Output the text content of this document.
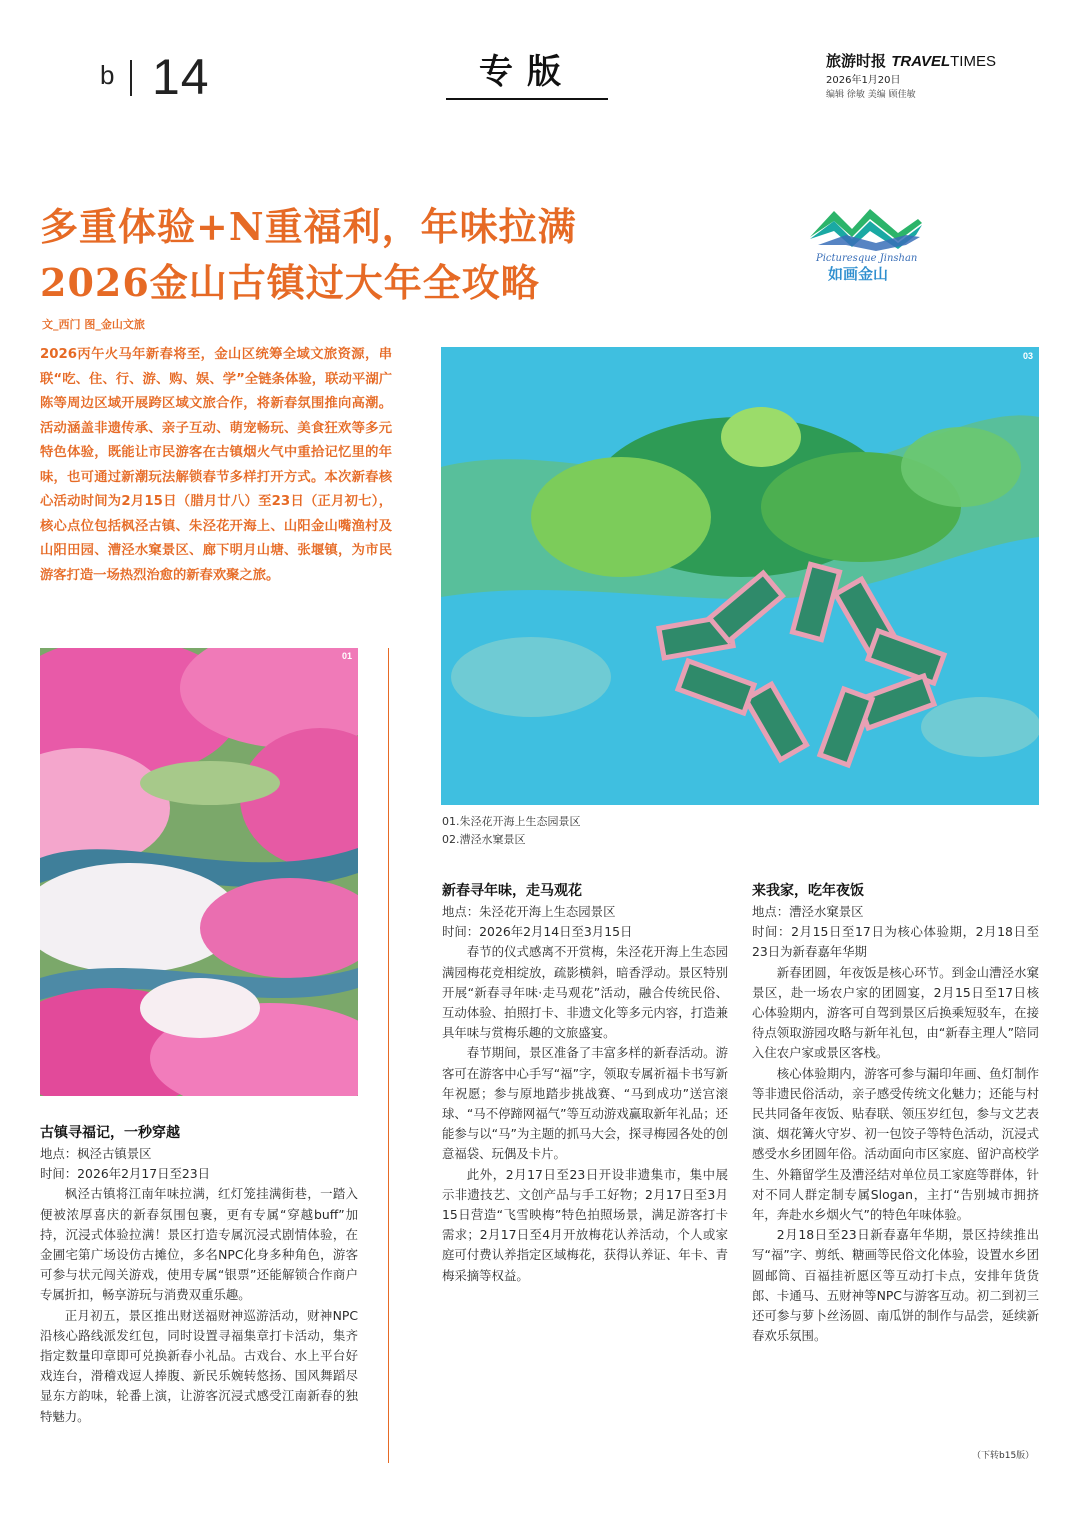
b 14	专版	旅游时报 TRAVELTIMES
2026年1月20日
编辑 徐敏 美编 顾佳敏
多重体验+N重福利，年味拉满
2026金山古镇过大年全攻略
文_西门 图_金山文旅
Picturesque Jinshan
如画金山
2026丙午火马年新春将至，金山区统筹全域文旅资源，串联“吃、住、行、游、购、娱、学”全链条体验，联动平湖广陈等周边区域开展跨区域文旅合作，将新春氛围推向高潮。活动涵盖非遗传承、亲子互动、萌宠畅玩、美食狂欢等多元特色体验，既能让市民游客在古镇烟火气中重拾记忆里的年味，也可通过新潮玩法解锁春节多样打开方式。本次新春核心活动时间为2月15日（腊月廿八）至23日（正月初七），核心点位包括枫泾古镇、朱泾花开海上、山阳金山嘴渔村及山阳田园、漕泾水窠景区、廊下明月山塘、张堰镇，为市民游客打造一场热烈治愈的新春欢聚之旅。
01
03
01.朱泾花开海上生态园景区
02.漕泾水窠景区
古镇寻福记，一秒穿越
地点：枫泾古镇景区
时间：2026年2月17日至23日

枫泾古镇将江南年味拉满，红灯笼挂满街巷，一踏入便被浓厚喜庆的新春氛围包裹，更有专属“穿越buff”加持，沉浸式体验拉满！景区打造专属沉浸式剧情体验，在金圃宅第广场设仿古摊位，多名NPC化身多种角色，游客可参与状元闯关游戏，使用专属“银票”还能解锁合作商户专属折扣，畅享游玩与消费双重乐趣。

正月初五，景区推出财送福财神巡游活动，财神NPC沿核心路线派发红包，同时设置寻福集章打卡活动，集齐指定数量印章即可兑换新春小礼品。古戏台、水上平台好戏连台，滑稽戏逗人捧腹、新民乐婉转悠扬、国风舞蹈尽显东方韵味，轮番上演，让游客沉浸式感受江南新春的独特魅力。

新春寻年味，走马观花
地点：朱泾花开海上生态园景区
时间：2026年2月14日至3月15日

春节的仪式感离不开赏梅，朱泾花开海上生态园满园梅花竞相绽放，疏影横斜，暗香浮动。景区特别开展“新春寻年味·走马观花”活动，融合传统民俗、互动体验、拍照打卡、非遗文化等多元内容，打造兼具年味与赏梅乐趣的文旅盛宴。

春节期间，景区准备了丰富多样的新春活动。游客可在游客中心手写“福”字，领取专属祈福卡书写新年祝愿；参与原地踏步挑战赛、“马到成功”送宫滚球、“马不停蹄网福气”等互动游戏赢取新年礼品；还能参与以“马”为主题的抓马大会，探寻梅园各处的创意福袋、玩偶及卡片。

此外，2月17日至23日开设非遗集市，集中展示非遗技艺、文创产品与手工好物；2月17日至3月15日营造“飞雪映梅”特色拍照场景，满足游客打卡需求；2月17日至4月开放梅花认养活动，个人或家庭可付费认养指定区域梅花，获得认养证、年卡、青梅采摘等权益。

来我家，吃年夜饭
地点：漕泾水窠景区
时间：2月15日至17日为核心体验期，2月18日至23日为新春嘉年华期

新春团圆，年夜饭是核心环节。到金山漕泾水窠景区，赴一场农户家的团圆宴，2月15日至17日核心体验期内，游客可自驾到景区后换乘短驳车，在接待点领取游园攻略与新年礼包，由“新春主理人”陪同入住农户家或景区客栈。

核心体验期内，游客可参与漏印年画、鱼灯制作等非遗民俗活动，亲子感受传统文化魅力；还能与村民共同备年夜饭、贴春联、领压岁红包，参与文艺表演、烟花篝火守岁、初一包饺子等特色活动，沉浸式感受水乡团圆年俗。活动面向市区家庭、留沪高校学生、外籍留学生及漕泾结对单位员工家庭等群体，针对不同人群定制专属Slogan，主打“告别城市拥挤年，奔赴水乡烟火气”的特色年味体验。

2月18日至23日新春嘉年华期，景区持续推出写“福”字、剪纸、糖画等民俗文化体验，设置水乡团圆邮筒、百福挂祈愿区等互动打卡点，安排年货货郎、卡通马、五财神等NPC与游客互动。初二到初三还可参与萝卜丝汤圆、南瓜饼的制作与品尝，延续新春欢乐氛围。

（下转b15版）
